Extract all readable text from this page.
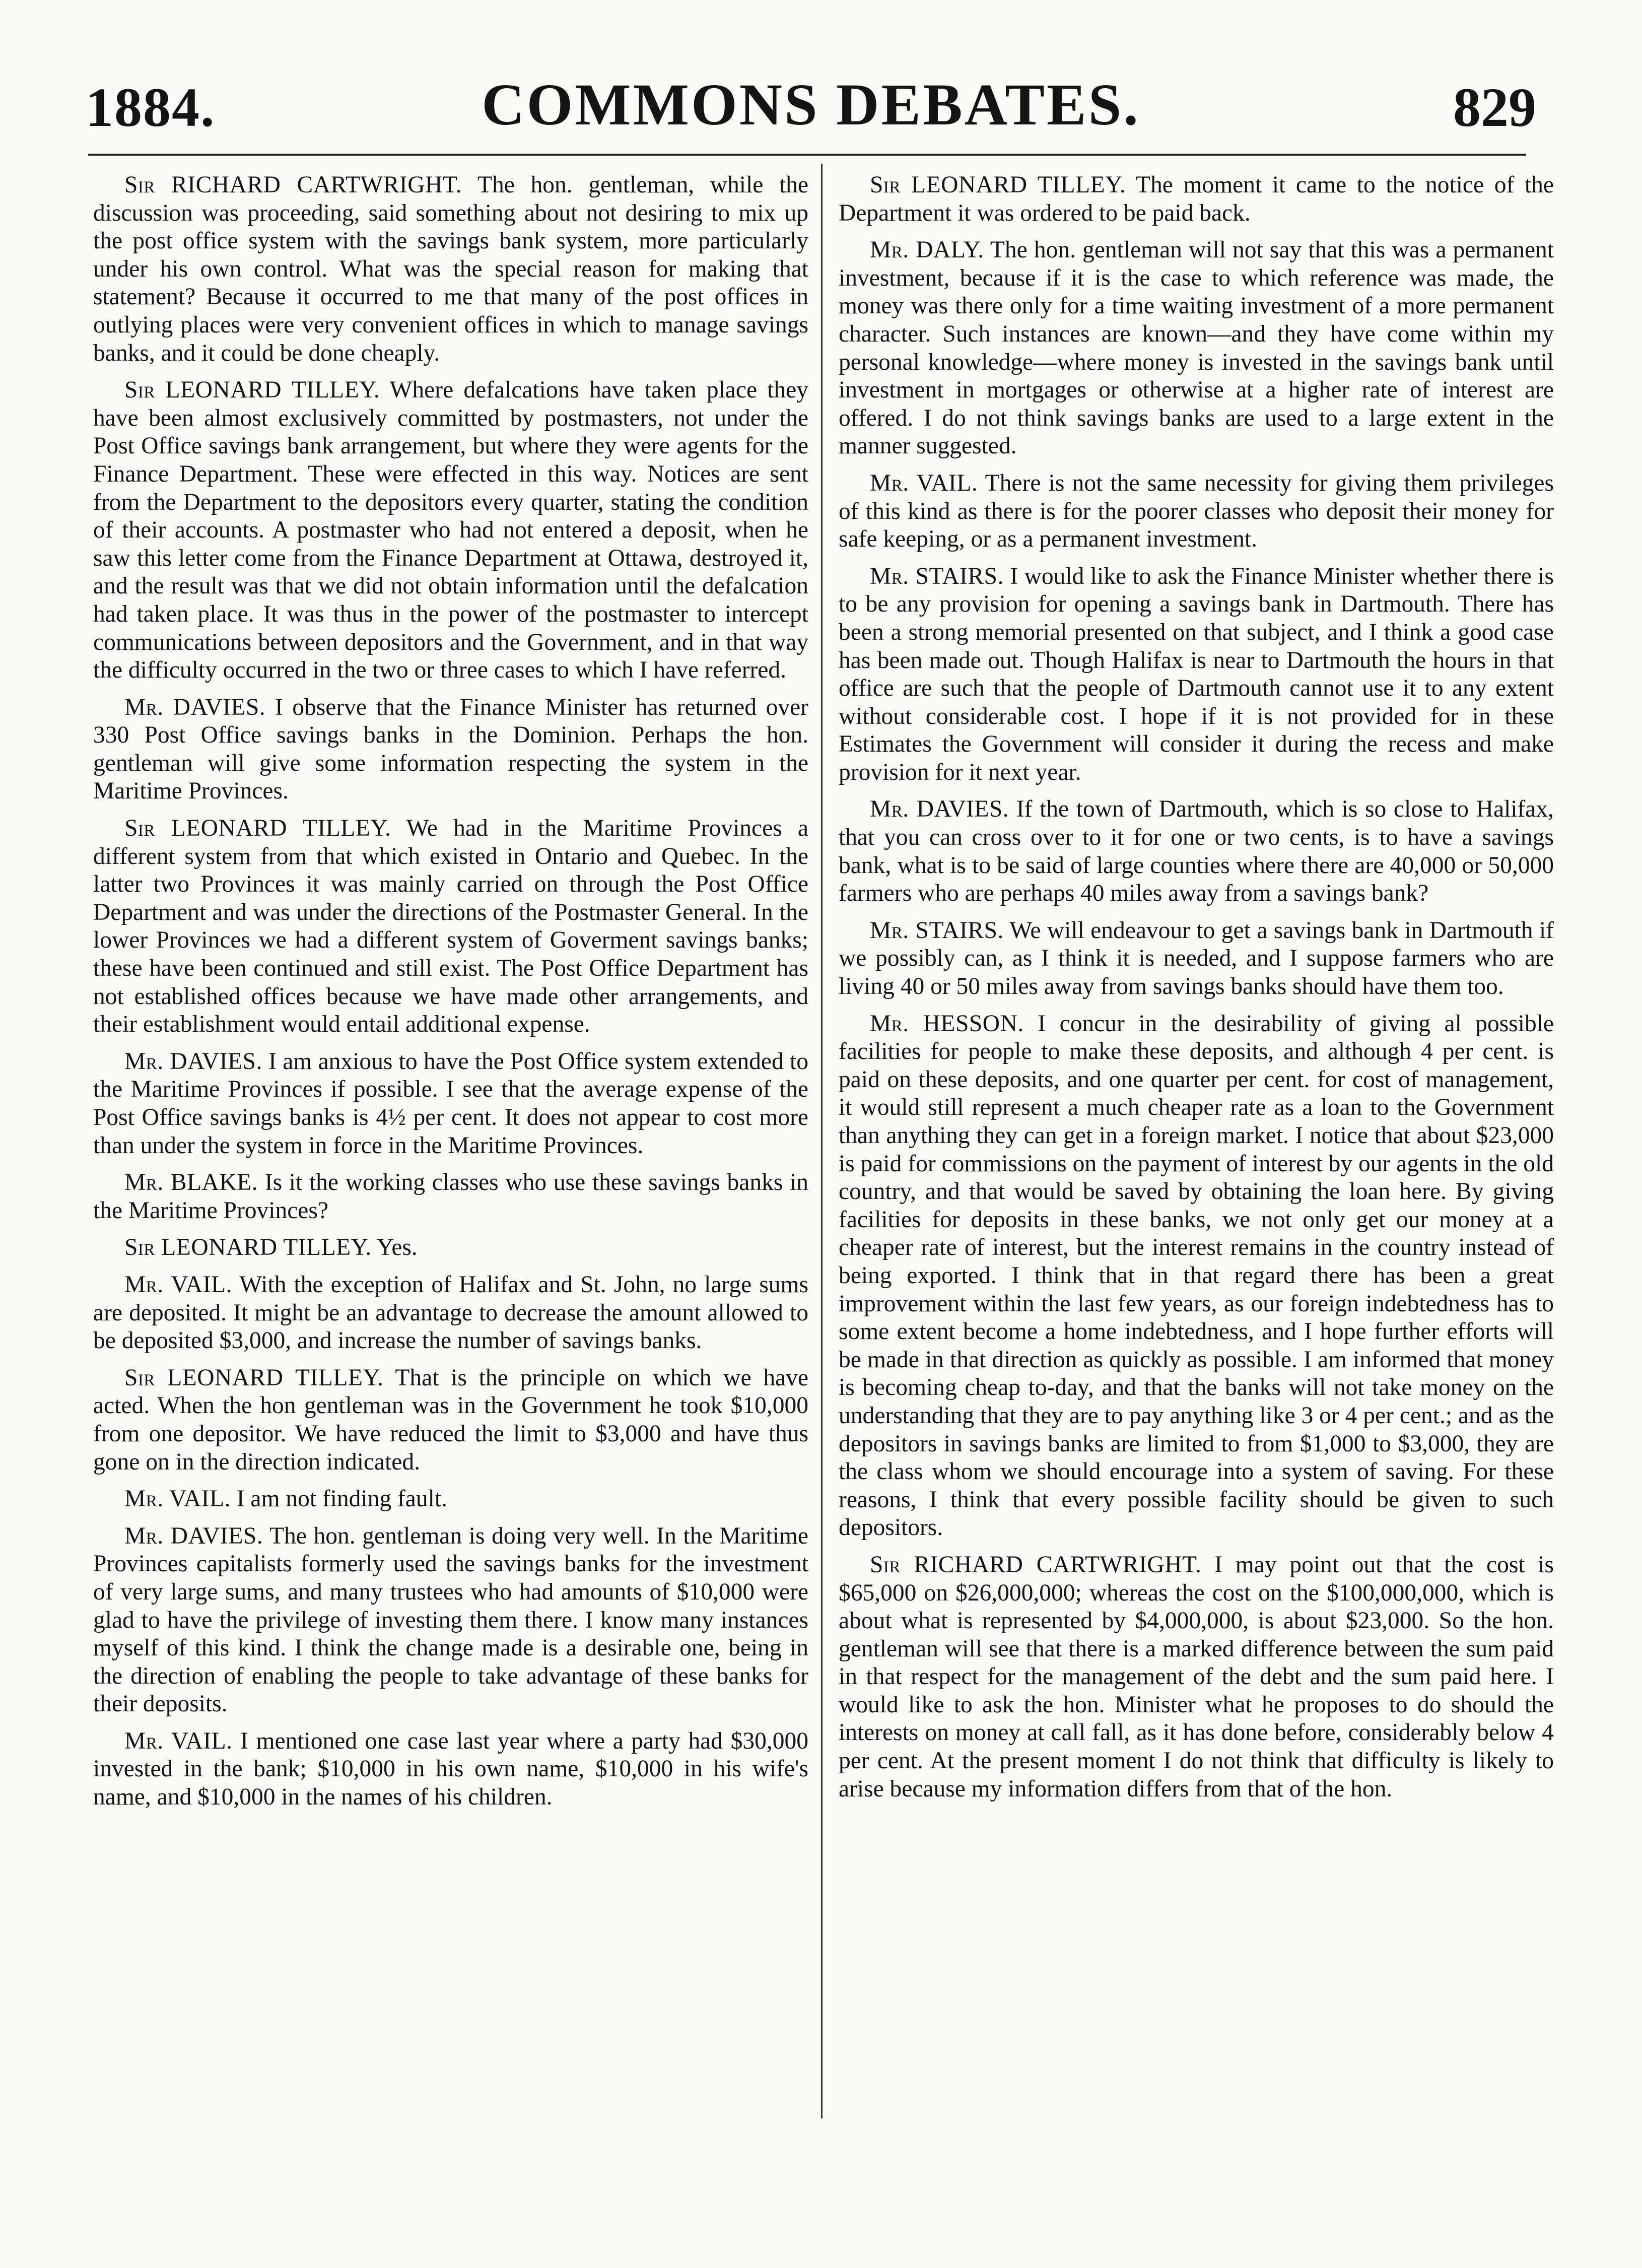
1884.	COMMONS DEBATES.	829

Sir RICHARD CARTWRIGHT. The hon. gentleman, while the discussion was proceeding, said something about not desiring to mix up the post office system with the savings bank system, more particularly under his own control. What was the special reason for making that statement? Because it occurred to me that many of the post offices in outlying places were very convenient offices in which to manage savings banks, and it could be done cheaply.

Sir LEONARD TILLEY. Where defalcations have taken place they have been almost exclusively committed by postmasters, not under the Post Office savings bank arrangement, but where they were agents for the Finance Department. These were effected in this way. Notices are sent from the Department to the depositors every quarter, stating the condition of their accounts. A postmaster who had not entered a deposit, when he saw this letter come from the Finance Department at Ottawa, destroyed it, and the result was that we did not obtain information until the defalcation had taken place. It was thus in the power of the postmaster to intercept communications between depositors and the Government, and in that way the difficulty occurred in the two or three cases to which I have referred.

Mr. DAVIES. I observe that the Finance Minister has returned over 330 Post Office savings banks in the Dominion. Perhaps the hon. gentleman will give some information respecting the system in the Maritime Provinces.

Sir LEONARD TILLEY. We had in the Maritime Provinces a different system from that which existed in Ontario and Quebec. In the latter two Provinces it was mainly carried on through the Post Office Department and was under the directions of the Postmaster General. In the lower Provinces we had a different system of Goverment savings banks; these have been continued and still exist. The Post Office Department has not established offices because we have made other arrangements, and their establishment would entail additional expense.

Mr. DAVIES. I am anxious to have the Post Office system extended to the Maritime Provinces if possible. I see that the average expense of the Post Office savings banks is 4½ per cent. It does not appear to cost more than under the system in force in the Maritime Provinces.

Mr. BLAKE. Is it the working classes who use these savings banks in the Maritime Provinces?

Sir LEONARD TILLEY. Yes.

Mr. VAIL. With the exception of Halifax and St. John, no large sums are deposited. It might be an advantage to decrease the amount allowed to be deposited $3,000, and increase the number of savings banks.

Sir LEONARD TILLEY. That is the principle on which we have acted. When the hon gentleman was in the Government he took $10,000 from one depositor. We have reduced the limit to $3,000 and have thus gone on in the direction indicated.

Mr. VAIL. I am not finding fault.

Mr. DAVIES. The hon. gentleman is doing very well. In the Maritime Provinces capitalists formerly used the savings banks for the investment of very large sums, and many trustees who had amounts of $10,000 were glad to have the privilege of investing them there. I know many instances myself of this kind. I think the change made is a desirable one, being in the direction of enabling the people to take advantage of these banks for their deposits.

Mr. VAIL. I mentioned one case last year where a party had $30,000 invested in the bank; $10,000 in his own name, $10,000 in his wife's name, and $10,000 in the names of his children.

Sir LEONARD TILLEY. The moment it came to the notice of the Department it was ordered to be paid back.

Mr. DALY. The hon. gentleman will not say that this was a permanent investment, because if it is the case to which reference was made, the money was there only for a time waiting investment of a more permanent character. Such instances are known—and they have come within my personal knowledge—where money is invested in the savings bank until investment in mortgages or otherwise at a higher rate of interest are offered. I do not think savings banks are used to a large extent in the manner suggested.

Mr. VAIL. There is not the same necessity for giving them privileges of this kind as there is for the poorer classes who deposit their money for safe keeping, or as a permanent investment.

Mr. STAIRS. I would like to ask the Finance Minister whether there is to be any provision for opening a savings bank in Dartmouth. There has been a strong memorial presented on that subject, and I think a good case has been made out. Though Halifax is near to Dartmouth the hours in that office are such that the people of Dartmouth cannot use it to any extent without considerable cost. I hope if it is not provided for in these Estimates the Government will consider it during the recess and make provision for it next year.

Mr. DAVIES. If the town of Dartmouth, which is so close to Halifax, that you can cross over to it for one or two cents, is to have a savings bank, what is to be said of large counties where there are 40,000 or 50,000 farmers who are perhaps 40 miles away from a savings bank?

Mr. STAIRS. We will endeavour to get a savings bank in Dartmouth if we possibly can, as I think it is needed, and I suppose farmers who are living 40 or 50 miles away from savings banks should have them too.

Mr. HESSON. I concur in the desirability of giving al possible facilities for people to make these deposits, and although 4 per cent. is paid on these deposits, and one quarter per cent. for cost of management, it would still represent a much cheaper rate as a loan to the Government than anything they can get in a foreign market. I notice that about $23,000 is paid for commissions on the payment of interest by our agents in the old country, and that would be saved by obtaining the loan here. By giving facilities for deposits in these banks, we not only get our money at a cheaper rate of interest, but the interest remains in the country instead of being exported. I think that in that regard there has been a great improvement within the last few years, as our foreign indebtedness has to some extent become a home indebtedness, and I hope further efforts will be made in that direction as quickly as possible. I am informed that money is becoming cheap to-day, and that the banks will not take money on the understanding that they are to pay anything like 3 or 4 per cent.; and as the depositors in savings banks are limited to from $1,000 to $3,000, they are the class whom we should encourage into a system of saving. For these reasons, I think that every possible facility should be given to such depositors.

Sir RICHARD CARTWRIGHT. I may point out that the cost is $65,000 on $26,000,000; whereas the cost on the $100,000,000, which is about what is represented by $4,000,000, is about $23,000. So the hon. gentleman will see that there is a marked difference between the sum paid in that respect for the management of the debt and the sum paid here. I would like to ask the hon. Minister what he proposes to do should the interests on money at call fall, as it has done before, considerably below 4 per cent. At the present moment I do not think that difficulty is likely to arise because my information differs from that of the hon.
